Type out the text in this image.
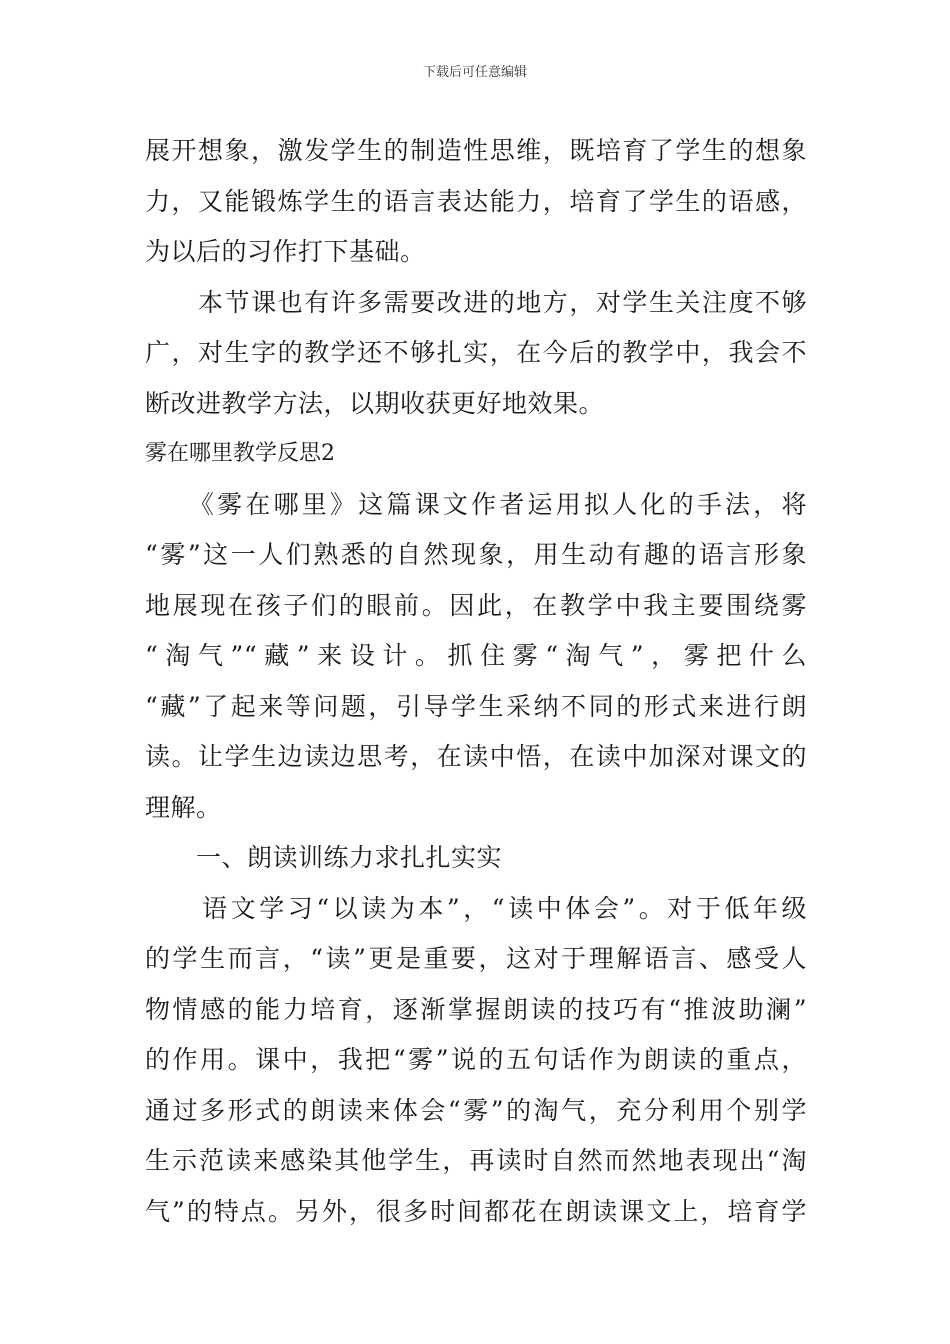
下载后可任意编辑
展开想象，激发学生的制造性思维，既培育了学生的想象
力，又能锻炼学生的语言表达能力，培育了学生的语感，
为以后的习作打下基础。
　　本节课也有许多需要改进的地方，对学生关注度不够
广，对生字的教学还不够扎实，在今后的教学中，我会不
断改进教学方法，以期收获更好地效果。
雾在哪里教学反思2
　　《雾在哪里》这篇课文作者运用拟人化的手法，将
“雾”这一人们熟悉的自然现象，用生动有趣的语言形象
地展现在孩子们的眼前。因此，在教学中我主要围绕雾
“淘气”“藏”来设计。抓住雾“淘气”，雾把什么
“藏”了起来等问题，引导学生采纳不同的形式来进行朗
读。让学生边读边思考，在读中悟，在读中加深对课文的
理解。
　　一、朗读训练力求扎扎实实
　　语文学习“以读为本”，“读中体会”。对于低年级
的学生而言，“读”更是重要，这对于理解语言、感受人
物情感的能力培育，逐渐掌握朗读的技巧有“推波助澜”
的作用。课中，我把“雾”说的五句话作为朗读的重点，
通过多形式的朗读来体会“雾”的淘气，充分利用个别学
生示范读来感染其他学生，再读时自然而然地表现出“淘
气”的特点。另外，很多时间都花在朗读课文上，培育学
